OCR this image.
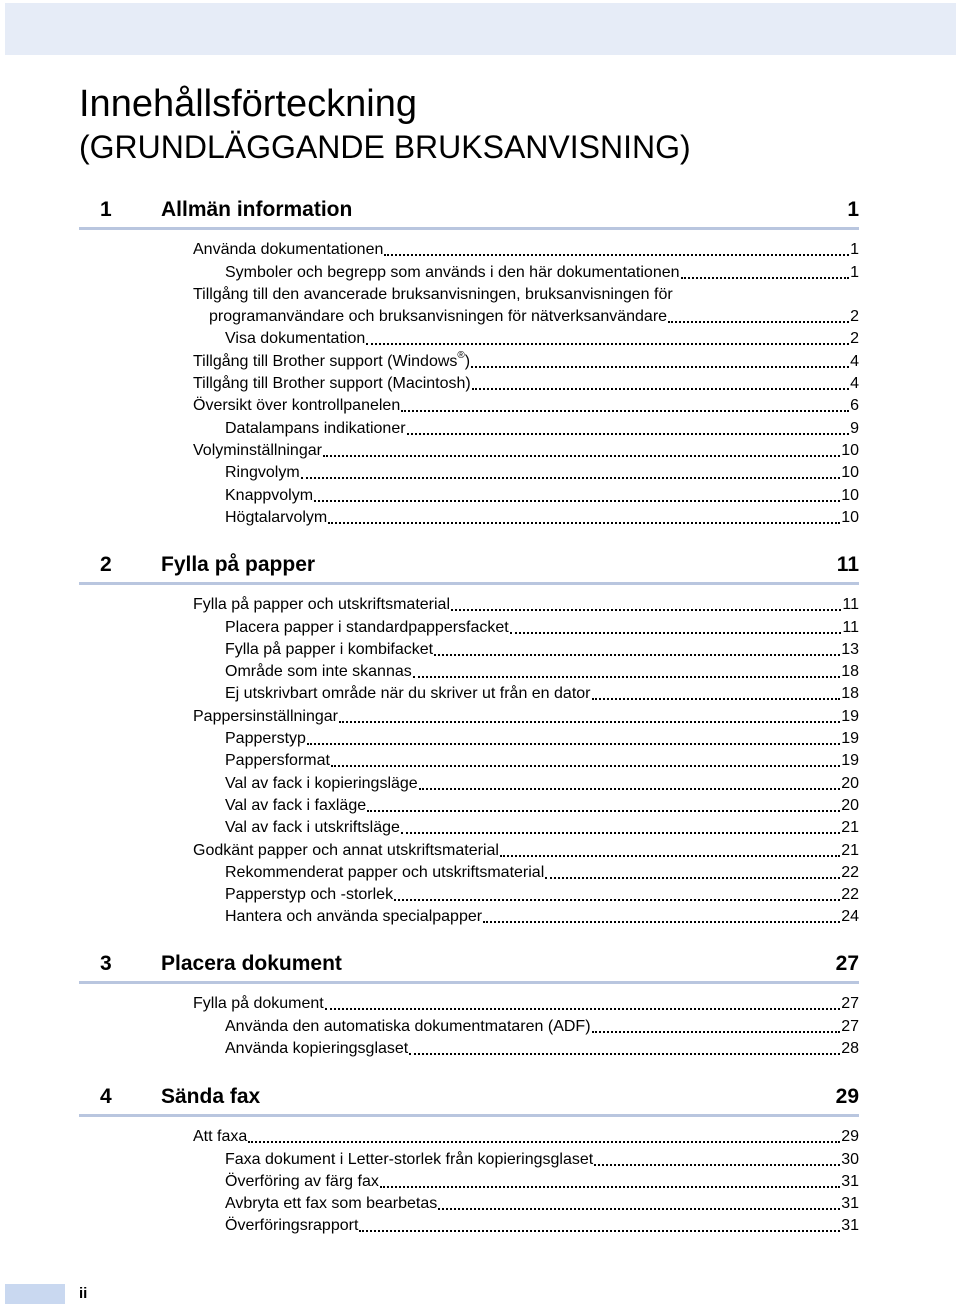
Innehållsförteckning
(GRUNDLÄGGANDE BRUKSANVISNING)
1 Allmän information	1
Använda dokumentationen	1
Symboler och begrepp som används i den här dokumentationen	1
Tillgång till den avancerade bruksanvisningen, bruksanvisningen för
programanvändare och bruksanvisningen för nätverksanvändare	2
Visa dokumentation	2
Tillgång till Brother support (Windows®)	4
Tillgång till Brother support (Macintosh)	4
Översikt över kontrollpanelen	6
Datalampans indikationer	9
Volyminställningar	10
Ringvolym	10
Knappvolym	10
Högtalarvolym	10
2 Fylla på papper	11
Fylla på papper och utskriftsmaterial	11
Placera papper i standardpappersfacket	11
Fylla på papper i kombifacket	13
Område som inte skannas	18
Ej utskrivbart område när du skriver ut från en dator	18
Pappersinställningar	19
Papperstyp	19
Pappersformat	19
Val av fack i kopieringsläge	20
Val av fack i faxläge	20
Val av fack i utskriftsläge	21
Godkänt papper och annat utskriftsmaterial	21
Rekommenderat papper och utskriftsmaterial	22
Papperstyp och -storlek	22
Hantera och använda specialpapper	24
3 Placera dokument	27
Fylla på dokument	27
Använda den automatiska dokumentmataren (ADF)	27
Använda kopieringsglaset	28
4 Sända fax	29
Att faxa	29
Faxa dokument i Letter-storlek från kopieringsglaset	30
Överföring av färg fax	31
Avbryta ett fax som bearbetas	31
Överföringsrapport	31
ii
